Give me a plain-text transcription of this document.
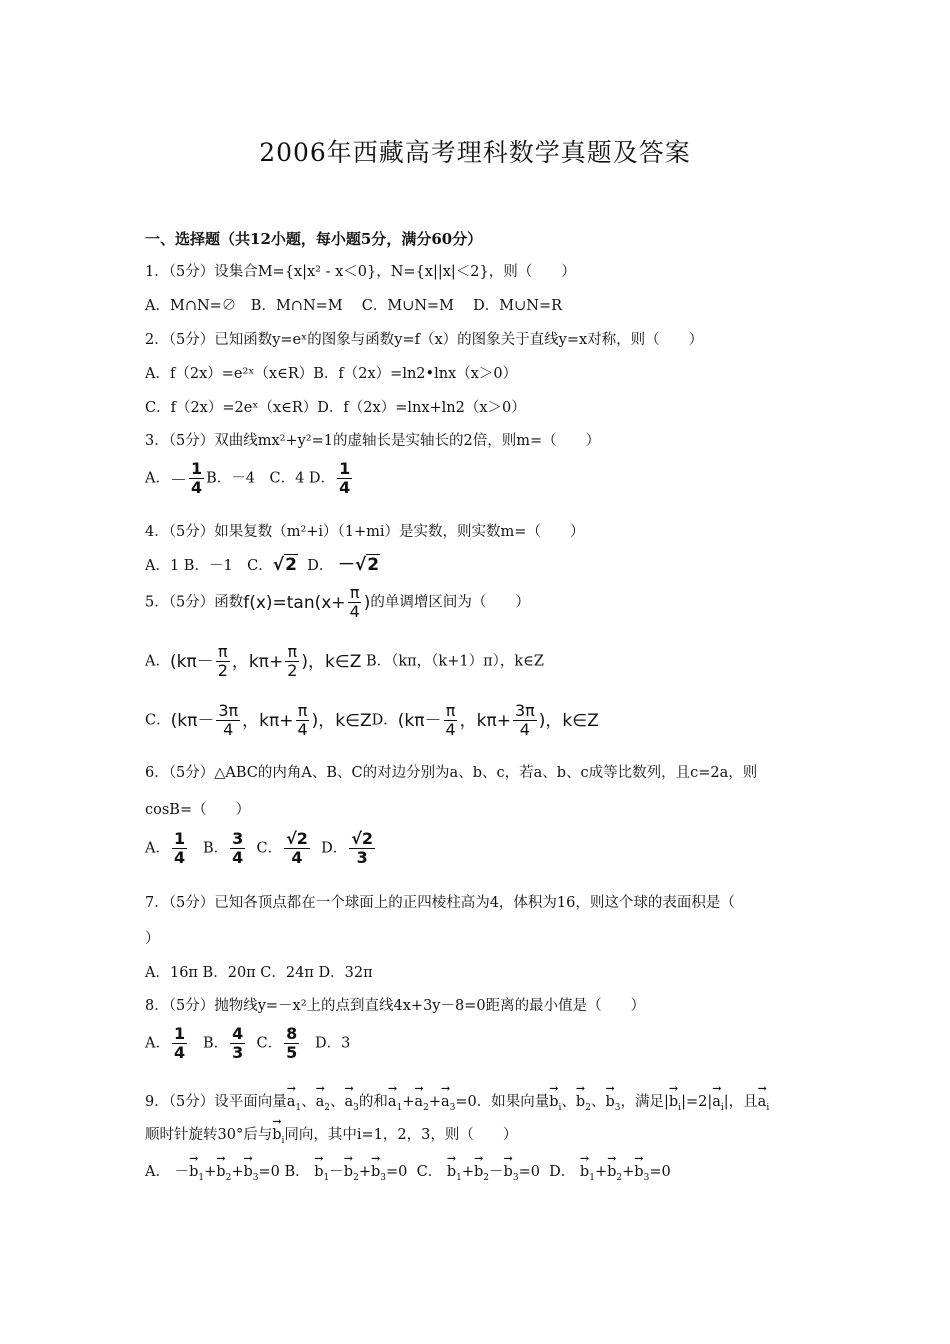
2006年西藏高考理科数学真题及答案
一、选择题（共12小题，每小题5分，满分60分）
1．（5分）设集合M={x|x² - x＜0}，N={x||x|＜2}，则（　　）
A．M∩N=∅　B．M∩N=M　 C．M∪N=M　 D．M∪N=R
2．（5分）已知函数y=eˣ的图象与函数y=f（x）的图象关于直线y=x对称，则（　　）
A．f（2x）=e²ˣ（x∈R）B．f（2x）=ln2•lnx（x＞0）
C．f（2x）=2eˣ（x∈R）D．f（2x）=lnx+ln2（x＞0）
3．（5分）双曲线mx²+y²=1的虚轴长是实轴长的2倍，则m=（　　）
A．－ $\frac{1}{4}$ B．－4　C．4 D． $\frac{1}{4}$
4．（5分）如果复数（m²+i）（1+mi）是实数，则实数m=（　　）
A．1 B．－1　C．√2 D． －√2
5．（5分）函数$f(x)=\tan(x+ \frac{\pi}{4}$ )的单调增区间为（　　）
A．($k\pi- \frac{\pi}{2}$ ，$k\pi+ \frac{\pi}{2}$ )，k∈Z B．（kπ，（k+1）π），k∈Z
C．($k\pi- \frac{3\pi}{4}$ ，$k\pi+ \frac{\pi}{4}$ )，k∈ZD．($k\pi- \frac{\pi}{4}$ ，$k\pi+ \frac{3\pi}{4}$ )，k∈Z
6．（5分）△ABC的内角A、B、C的对边分别为a、b、c，若a、b、c成等比数列，且c=2a，则
cosB=（　　）
A． $\frac{1}{4}$ B． $\frac{3}{4}$ C． $\frac{√2}{4}$ D． $\frac{√2}{3}$
7．（5分）已知各顶点都在一个球面上的正四棱柱高为4，体积为16，则这个球的表面积是（
）
A．16π B．20π C．24π D．32π
8．（5分）抛物线y=－x²上的点到直线4x+3y－8=0距离的最小值是（　　）
A． $\frac{1}{4}$ B． $\frac{4}{3}$ C． $\frac{8}{5}$ D．3
9．（5分）设平面向量→ $a_1$、→ $a_2$、→ $a_3$的和→ $a_1+\to a_2+\to a_3=0$．如果向量→ $b_i$、→ $b_2$、→ $b_3$，满足|→ $b_i|=2|\to a_i|$，且→ $a_i$
顺时针旋转30°后与→ $b_i$同向，其中i=1，2，3，则（　　）
A． －→ $b_1+\to b_2+\to b_3=0$ B． → $b_1-\to b_2+\to b_3=0$ C． → $b_1+\to b_2-\to b_3=0$ D． → $b_1+\to b_2+\to b_3=0$
